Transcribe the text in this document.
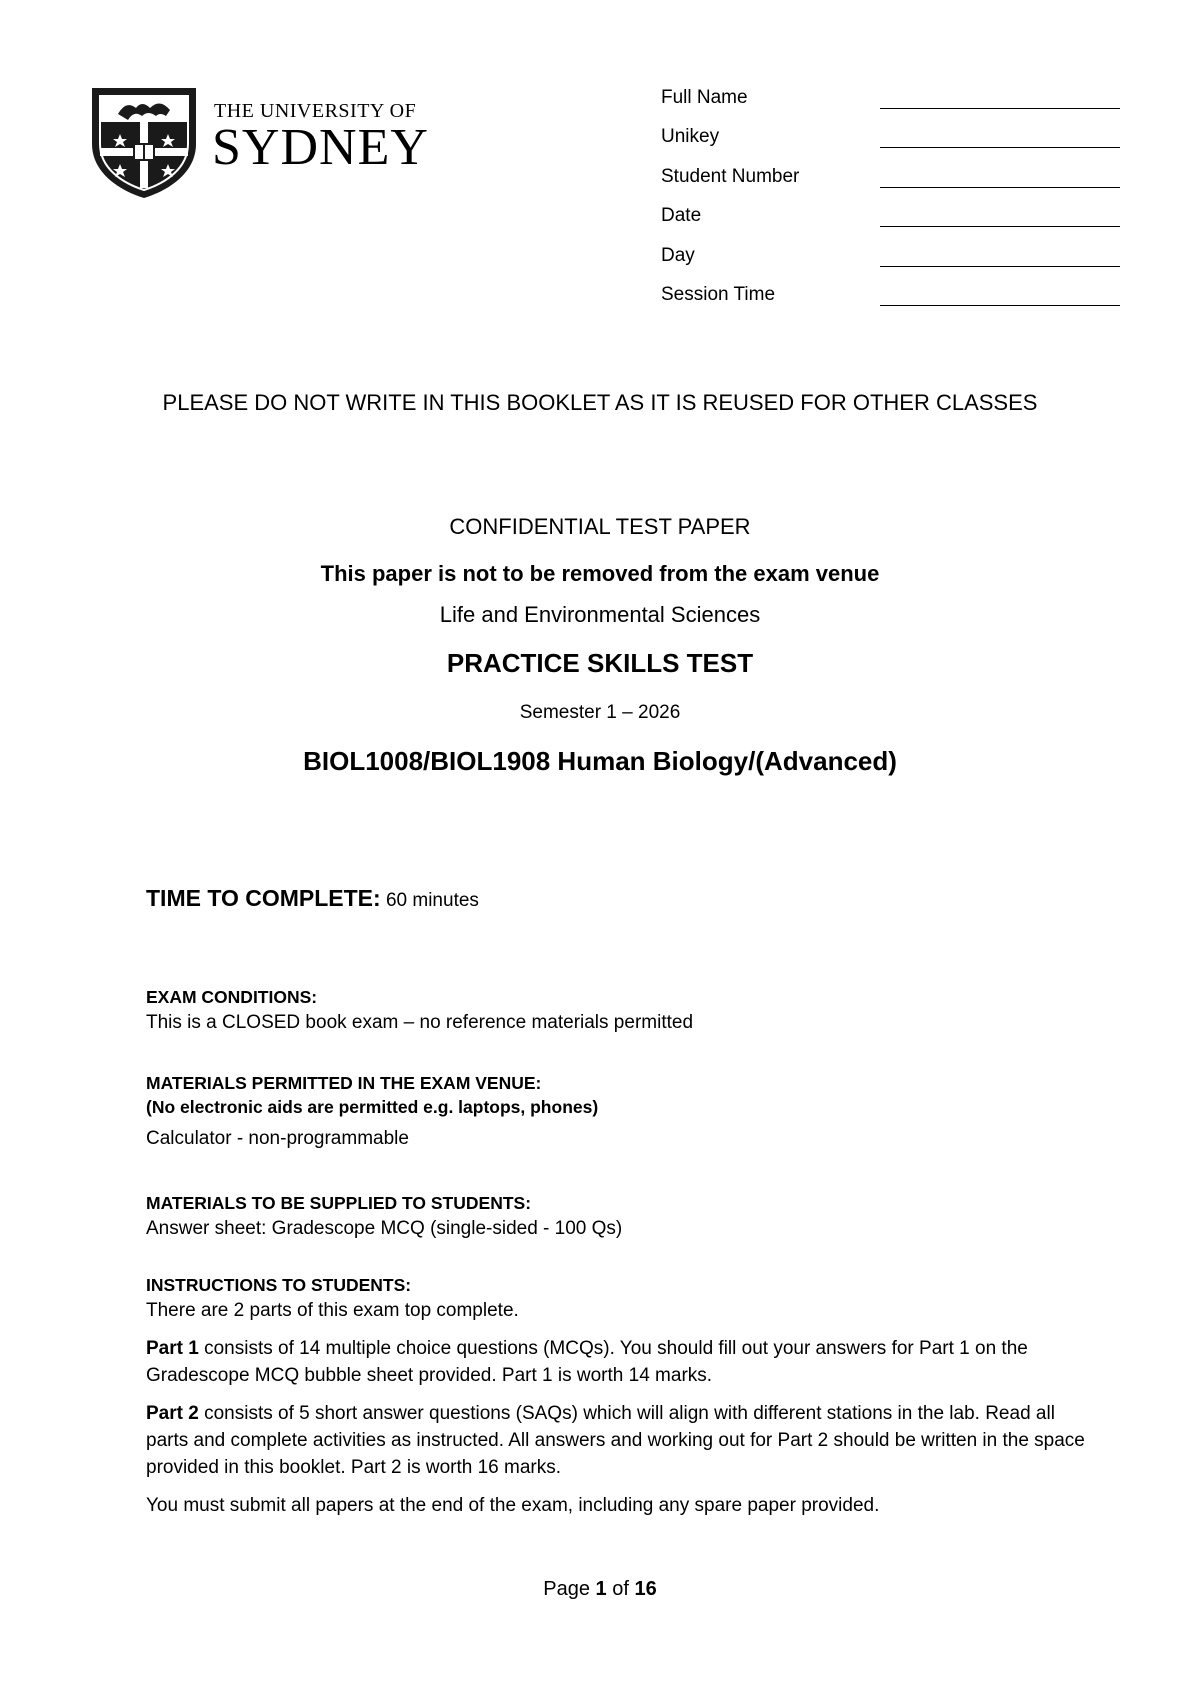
THE UNIVERSITY OF
SYDNEY
Full Name
Unikey
Student Number
Date
Day
Session Time
PLEASE DO NOT WRITE IN THIS BOOKLET AS IT IS REUSED FOR OTHER CLASSES
CONFIDENTIAL TEST PAPER
This paper is not to be removed from the exam venue
Life and Environmental Sciences
PRACTICE SKILLS TEST
Semester 1 – 2026
BIOL1008/BIOL1908 Human Biology/(Advanced)
TIME TO COMPLETE: 60 minutes
EXAM CONDITIONS:
This is a CLOSED book exam – no reference materials permitted
MATERIALS PERMITTED IN THE EXAM VENUE:
(No electronic aids are permitted e.g. laptops, phones)
Calculator - non-programmable
MATERIALS TO BE SUPPLIED TO STUDENTS:
Answer sheet: Gradescope MCQ (single-sided - 100 Qs)
INSTRUCTIONS TO STUDENTS:
There are 2 parts of this exam top complete.
Part 1 consists of 14 multiple choice questions (MCQs). You should fill out your answers for Part 1 on the Gradescope MCQ bubble sheet provided. Part 1 is worth 14 marks.
Part 2 consists of 5 short answer questions (SAQs) which will align with different stations in the lab. Read all parts and complete activities as instructed. All answers and working out for Part 2 should be written in the space provided in this booklet. Part 2 is worth 16 marks.
You must submit all papers at the end of the exam, including any spare paper provided.
Page 1 of 16
